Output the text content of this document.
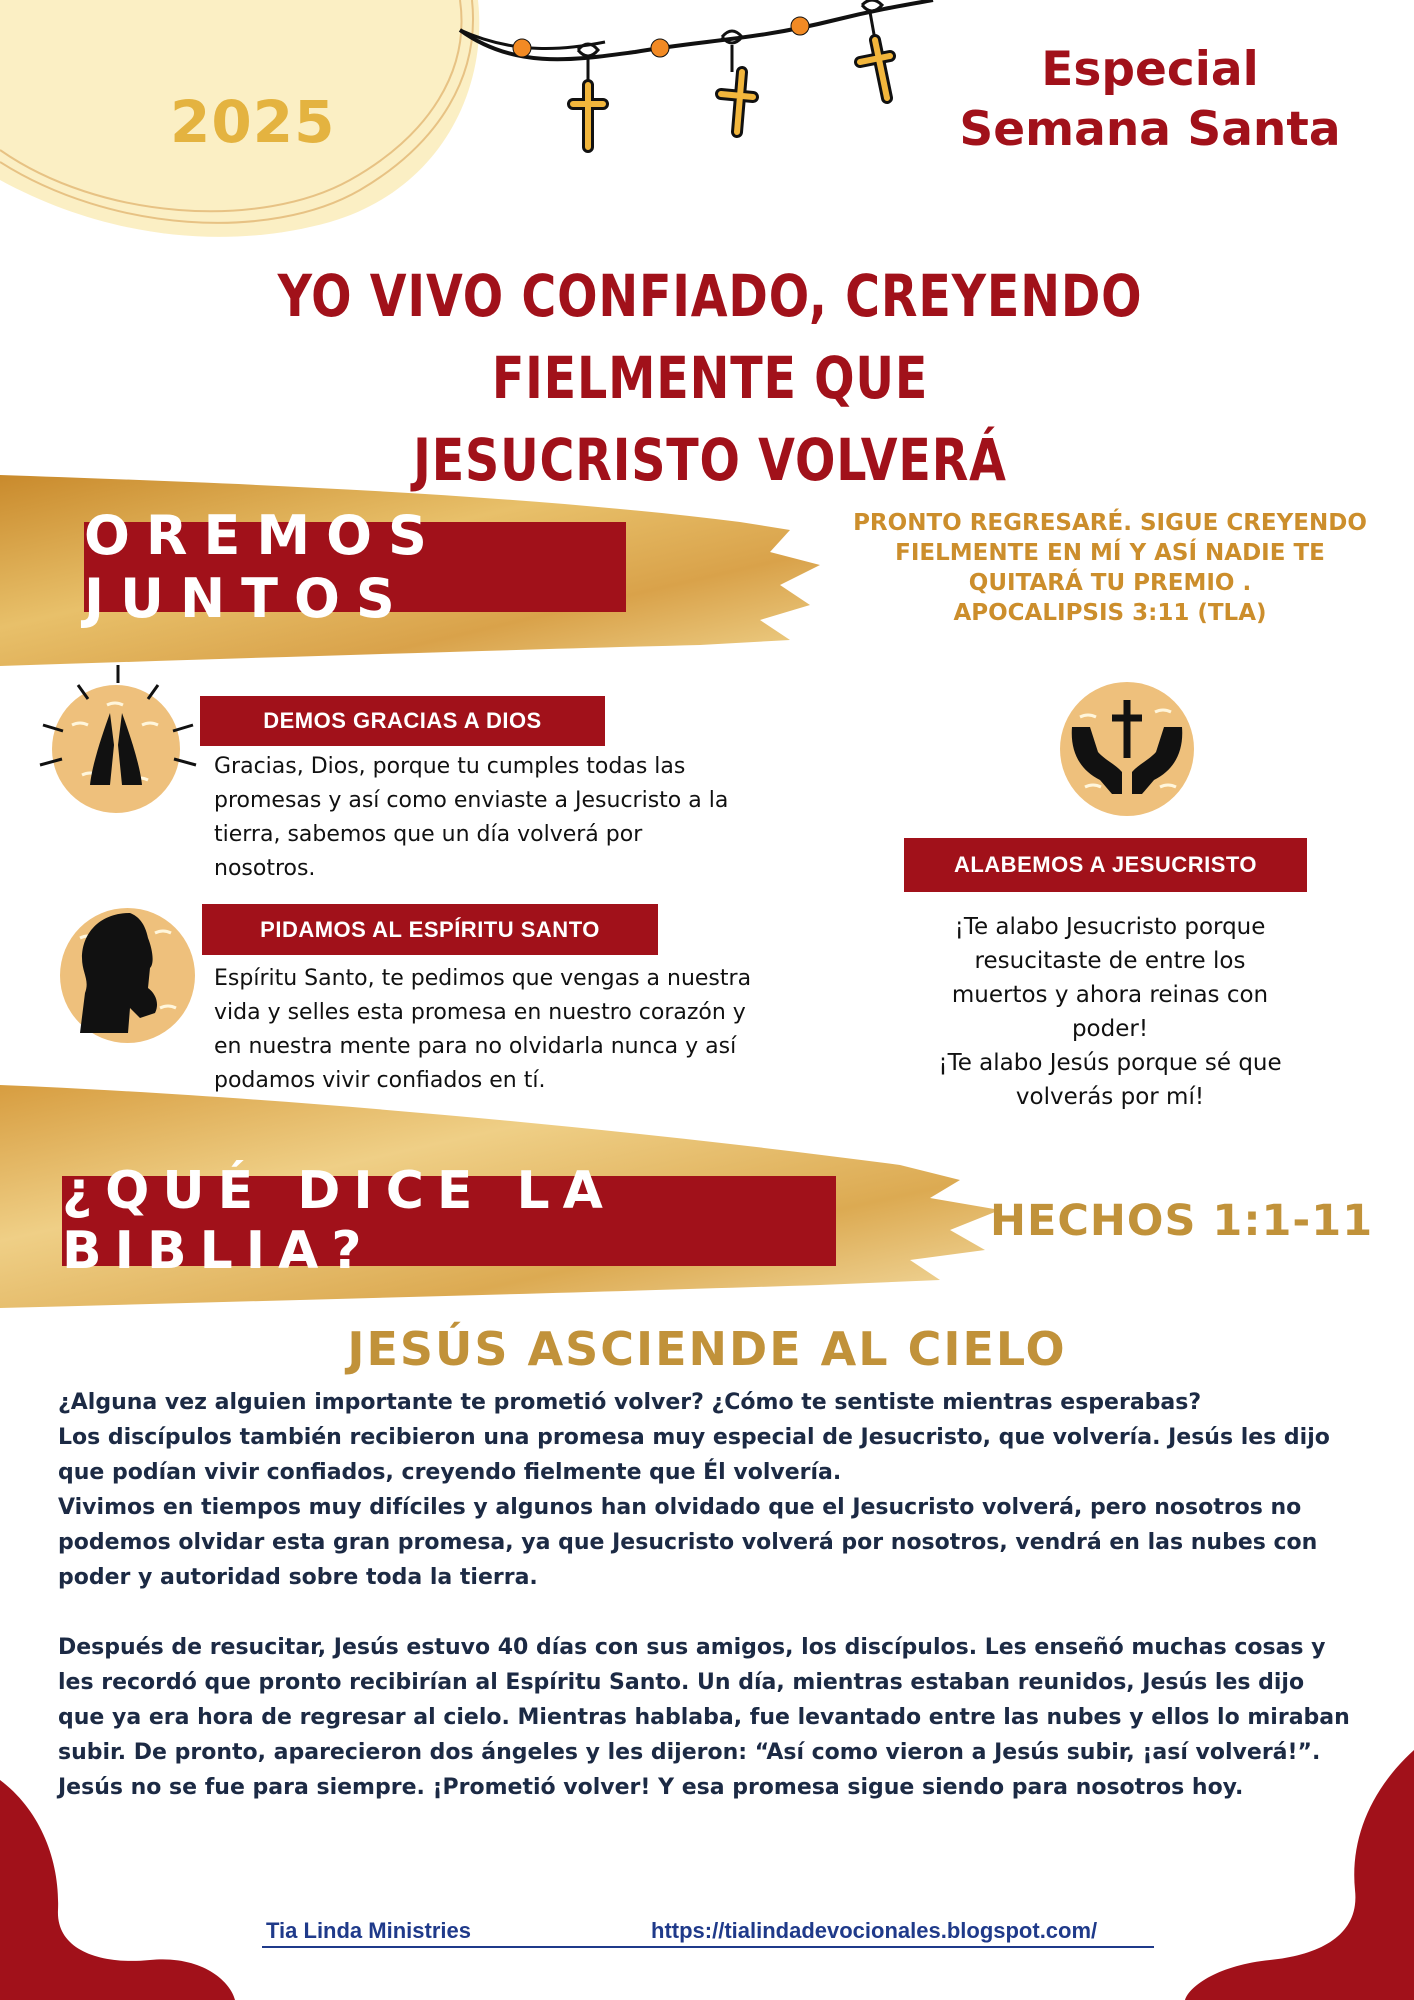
2025
Especial
Semana Santa
YO VIVO CONFIADO, CREYENDO FIELMENTE QUE
JESUCRISTO VOLVERÁ
OREMOS JUNTOS
PRONTO REGRESARÉ. SIGUE CREYENDO
FIELMENTE EN MÍ Y ASÍ NADIE TE
QUITARÁ TU PREMIO .
APOCALIPSIS 3:11 (TLA)
DEMOS GRACIAS A DIOS
Gracias, Dios, porque tu cumples todas las
promesas y así como enviaste a Jesucristo a la
tierra, sabemos que un día volverá por
nosotros.
PIDAMOS AL ESPÍRITU SANTO
Espíritu Santo, te pedimos que vengas a nuestra
vida y selles esta promesa en nuestro corazón y
en nuestra mente para no olvidarla nunca y así
podamos vivir confiados en tí.
ALABEMOS A JESUCRISTO
¡Te alabo Jesucristo porque
resucitaste de entre los
muertos y ahora reinas con
poder!
¡Te alabo Jesús porque sé que
volverás por mí!
¿QUÉ DICE LA BIBLIA?	HECHOS 1:1-11
JESÚS ASCIENDE AL CIELO

¿Alguna vez alguien importante te prometió volver? ¿Cómo te sentiste mientras esperabas?

Los discípulos también recibieron una promesa muy especial de Jesucristo, que volvería. Jesús les dijo que podían vivir confiados, creyendo fielmente que Él volvería.

Vivimos en tiempos muy difíciles y algunos han olvidado que el Jesucristo volverá, pero nosotros no podemos olvidar esta gran promesa, ya que Jesucristo volverá por nosotros, vendrá en las nubes con poder y autoridad sobre toda la tierra.

Después de resucitar, Jesús estuvo 40 días con sus amigos, los discípulos. Les enseñó muchas cosas y les recordó que pronto recibirían al Espíritu Santo. Un día, mientras estaban reunidos, Jesús les dijo que ya era hora de regresar al cielo. Mientras hablaba, fue levantado entre las nubes y ellos lo miraban subir. De pronto, aparecieron dos ángeles y les dijeron: “Así como vieron a Jesús subir, ¡así volverá!”.

Jesús no se fue para siempre. ¡Prometió volver! Y esa promesa sigue siendo para nosotros hoy.

Tia Linda Ministries	https://tialindadevocionales.blogspot.com/
